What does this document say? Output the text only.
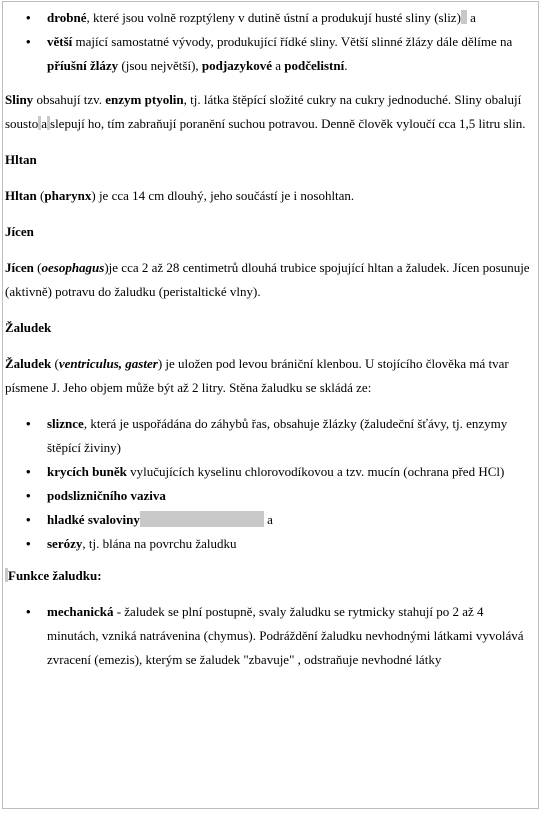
• drobné, které jsou volně rozptýleny v dutině ústní a produkují husté sliny (sliz) a
• větší mající samostatné vývody, produkující řídké sliny. Větší slinné žlázy dále dělíme na příušní žlázy (jsou největší), podjazykové a podčelistní.

Sliny obsahují tzv. enzym ptyolin, tj. látka štěpící složité cukry na cukry jednoduché. Sliny obalují sousto a slepují ho, tím zabraňují poranění suchou potravou. Denně člověk vyloučí cca 1,5 litru slin.

Hltan

Hltan (pharynx) je cca 14 cm dlouhý, jeho součástí je i nosohltan.

Jícen

Jícen (oesophagus)je cca 2 až 28 centimetrů dlouhá trubice spojující hltan a žaludek. Jícen posunuje (aktivně) potravu do žaludku (peristaltické vlny).

Žaludek

Žaludek (ventriculus, gaster) je uložen pod levou brániční klenbou. U stojícího člověka má tvar písmene J. Jeho objem může být až 2 litry. Stěna žaludku se skládá ze:

• slizn​ce, která je uspořádána do záhybů řas, obsahuje žlázky (žaludeční šťávy, tj. enzymy štěpící živiny)
• krycích buněk vylučujících kyselinu chlorovodíkovou a tzv. mucín (ochrana před HCl)
• podslizničního vaziva
• hladké svaloviny	a
• serózy, tj. blána na povrchu žaludku
Funkce žaludku:
• mechanická - žaludek se plní postupně, svaly žaludku se rytmicky stahují po 2 až 4 minutách, vzniká natrávenina (chymus). Podráždění žaludku nevhodnými látkami vyvolává zvracení (emezis), kterým se žaludek "zbavuje" , odstraňuje nevhodné látky
